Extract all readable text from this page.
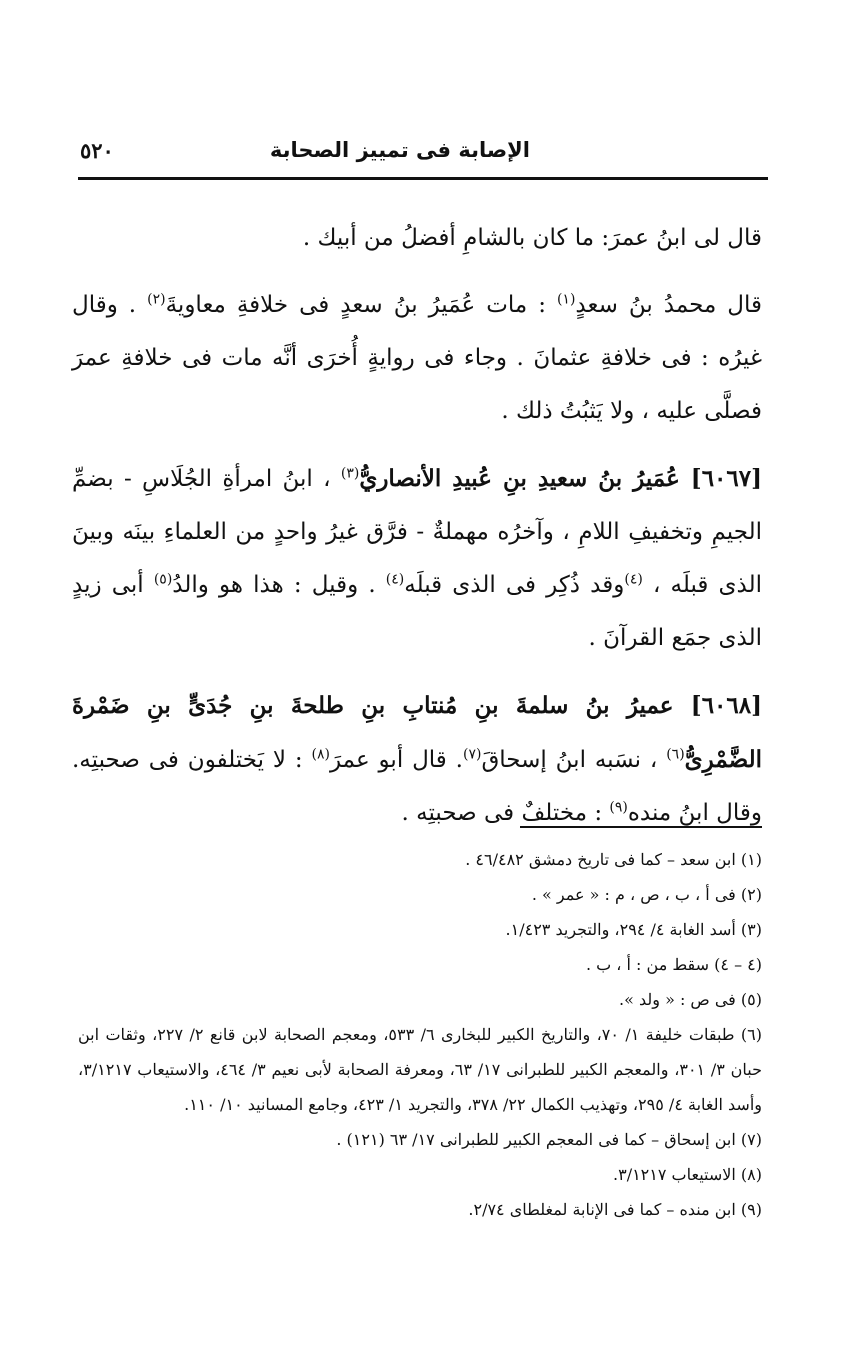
الإصابة فى تمييز الصحابة
٥٢٠

قال لى ابنُ عمرَ: ما كان بالشامِ أفضلُ من أبيك .

قال محمدُ بنُ سعدٍ$^{(١)}$ : مات عُمَيرُ بنُ سعدٍ فى خلافةِ معاويةَ$^{(٢)}$ . وقال غيرُه : فى خلافةِ عثمانَ . وجاء فى روايةٍ أُخرَى أنَّه مات فى خلافةِ عمرَ فصلَّى عليه ، ولا يَثبُتُ ذلك .

[٦٠٦٧] عُمَيرُ بنُ سعيدِ بنِ عُبيدِ الأنصاريُّ$^{(٣)}$ ، ابنُ امرأةِ الجُلَاسِ - بضمِّ الجيمِ وتخفيفِ اللامِ ، وآخرُه مهملةٌ - فرَّق غيرُ واحدٍ من العلماءِ بينَه وبينَ الذى قبلَه ، $^{(٤)}$وقد ذُكِر فى الذى قبلَه$^{(٤)}$ . وقيل : هذا هو والدُ$^{(٥)}$ أبى زيدٍ الذى جمَع القرآنَ .

[٦٠٦٨] عميرُ بنُ سلمةَ بنِ مُنتابِ بنِ طلحةَ بنِ جُدَىٍّ بنِ ضَمْرةَ الضَّمْرِىُّ$^{(٦)}$ ، نسَبه ابنُ إسحاقَ$^{(٧)}$. قال أبو عمرَ$^{(٨)}$ : لا يَختلفون فى صحبتِه. وقال ابنُ منده$^{(٩)}$ : مختلفٌ فى صحبتِه .

(١) ابن سعد – كما فى تاريخ دمشق ٤٦/٤٨٢ .

(٢) فى أ ، ب ، ص ، م : « عمر » .

(٣) أسد الغابة ٤/ ٢٩٤، والتجريد ١/٤٢٣.

(٤ – ٤) سقط من : أ ، ب .

(٥) فى ص : « ولد ».

(٦) طبقات خليفة ١/ ٧٠، والتاريخ الكبير للبخارى ٦/ ٥٣٣، ومعجم الصحابة لابن قانع ٢/ ٢٢٧، وثقات ابن حبان ٣/ ٣٠١، والمعجم الكبير للطبرانى ١٧/ ٦٣، ومعرفة الصحابة لأبى نعيم ٣/ ٤٦٤، والاستيعاب ٣/١٢١٧، وأسد الغابة ٤/ ٢٩٥، وتهذيب الكمال ٢٢/ ٣٧٨، والتجريد ١/ ٤٢٣، وجامع المسانيد ١٠/ ١١٠.

(٧) ابن إسحاق – كما فى المعجم الكبير للطبرانى ١٧/ ٦٣ (١٢١) .

(٨) الاستيعاب ٣/١٢١٧.

(٩) ابن منده – كما فى الإنابة لمغلطاى ٢/٧٤.
